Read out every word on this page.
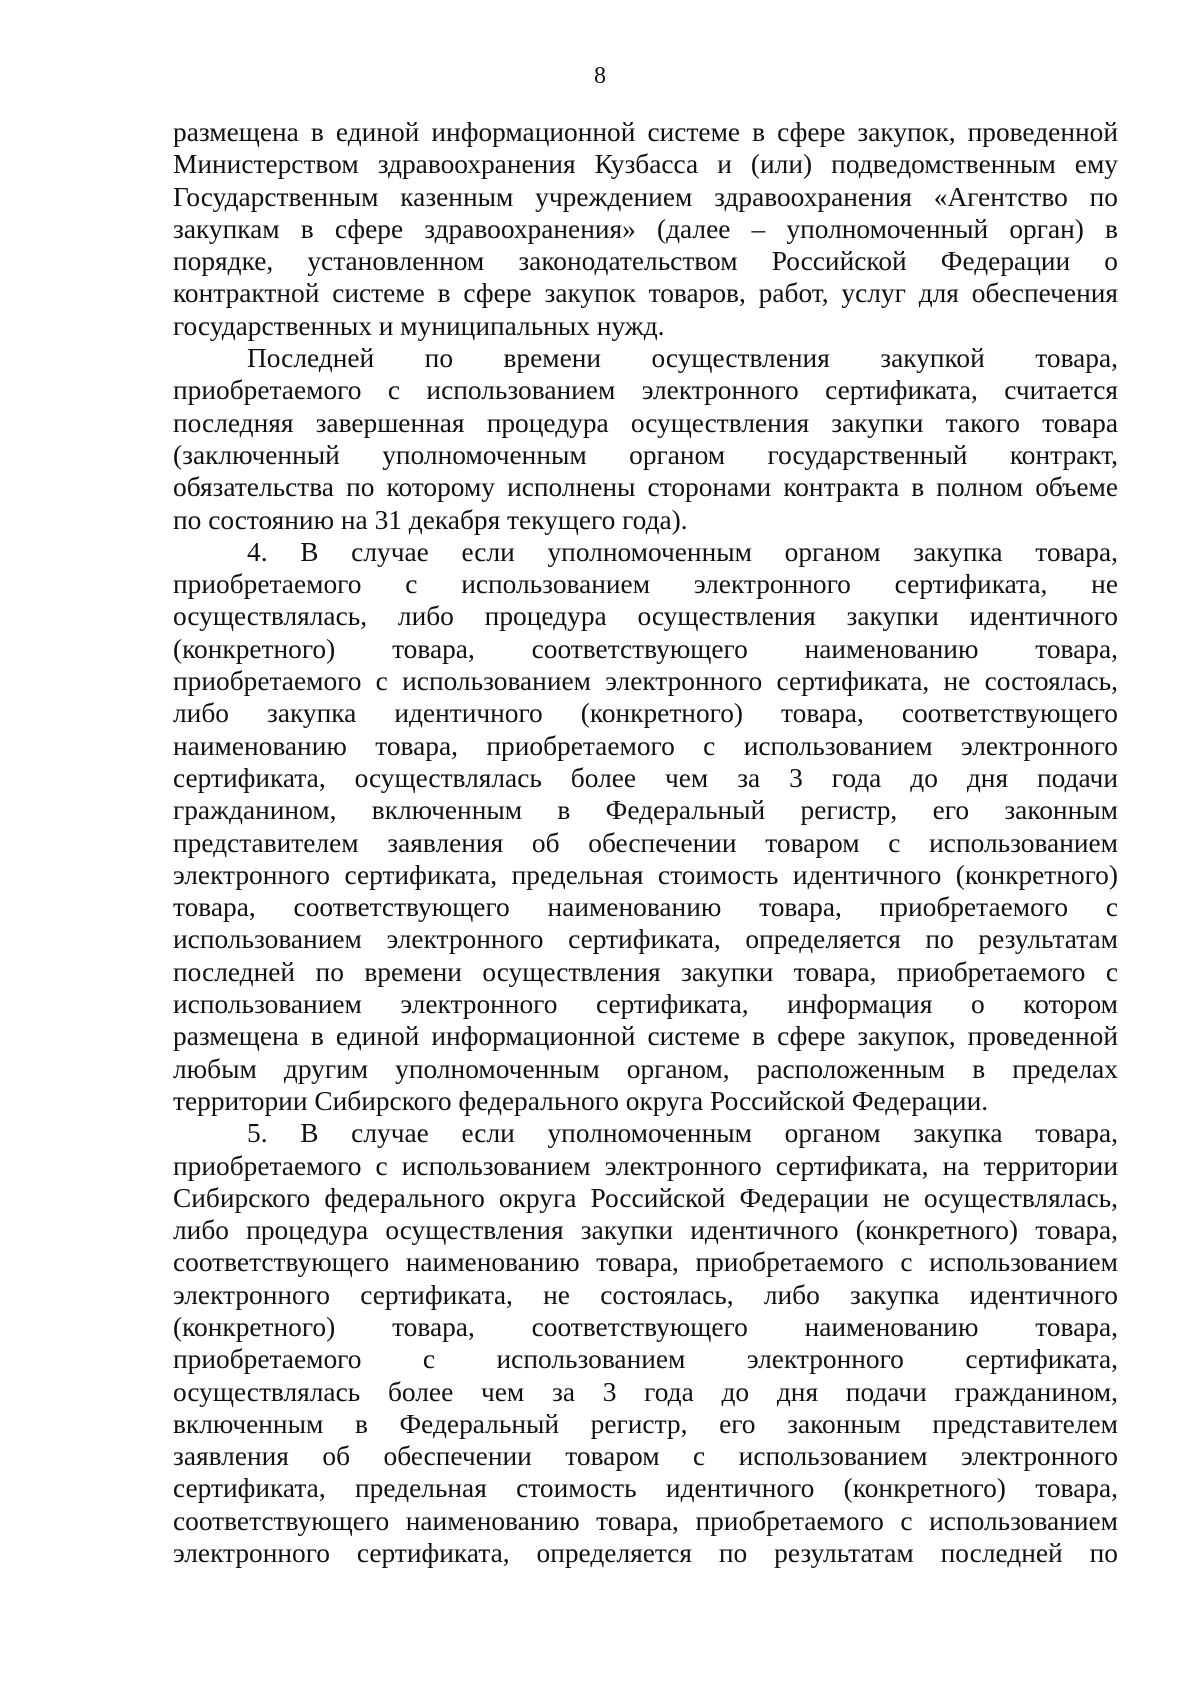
8
размещена в единой информационной системе в сфере закупок, проведенной
Министерством здравоохранения Кузбасса и (или) подведомственным ему
Государственным казенным учреждением здравоохранения «Агентство по
закупкам в сфере здравоохранения» (далее – уполномоченный орган) в
порядке, установленном законодательством Российской Федерации о
контрактной системе в сфере закупок товаров, работ, услуг для обеспечения
государственных и муниципальных нужд.
Последней по времени осуществления закупкой товара,
приобретаемого с использованием электронного сертификата, считается
последняя завершенная процедура осуществления закупки такого товара
(заключенный уполномоченным органом государственный контракт,
обязательства по которому исполнены сторонами контракта в полном объеме
по состоянию на 31 декабря текущего года).
4. В случае если уполномоченным органом закупка товара,
приобретаемого с использованием электронного сертификата, не
осуществлялась, либо процедура осуществления закупки идентичного
(конкретного) товара, соответствующего наименованию товара,
приобретаемого с использованием электронного сертификата, не состоялась,
либо закупка идентичного (конкретного) товара, соответствующего
наименованию товара, приобретаемого с использованием электронного
сертификата, осуществлялась более чем за 3 года до дня подачи
гражданином, включенным в Федеральный регистр, его законным
представителем заявления об обеспечении товаром с использованием
электронного сертификата, предельная стоимость идентичного (конкретного)
товара, соответствующего наименованию товара, приобретаемого с
использованием электронного сертификата, определяется по результатам
последней по времени осуществления закупки товара, приобретаемого с
использованием электронного сертификата, информация о котором
размещена в единой информационной системе в сфере закупок, проведенной
любым другим уполномоченным органом, расположенным в пределах
территории Сибирского федерального округа Российской Федерации.
5. В случае если уполномоченным органом закупка товара,
приобретаемого с использованием электронного сертификата, на территории
Сибирского федерального округа Российской Федерации не осуществлялась,
либо процедура осуществления закупки идентичного (конкретного) товара,
соответствующего наименованию товара, приобретаемого с использованием
электронного сертификата, не состоялась, либо закупка идентичного
(конкретного) товара, соответствующего наименованию товара,
приобретаемого с использованием электронного сертификата,
осуществлялась более чем за 3 года до дня подачи гражданином,
включенным в Федеральный регистр, его законным представителем
заявления об обеспечении товаром с использованием электронного
сертификата, предельная стоимость идентичного (конкретного) товара,
соответствующего наименованию товара, приобретаемого с использованием
электронного сертификата, определяется по результатам последней по
